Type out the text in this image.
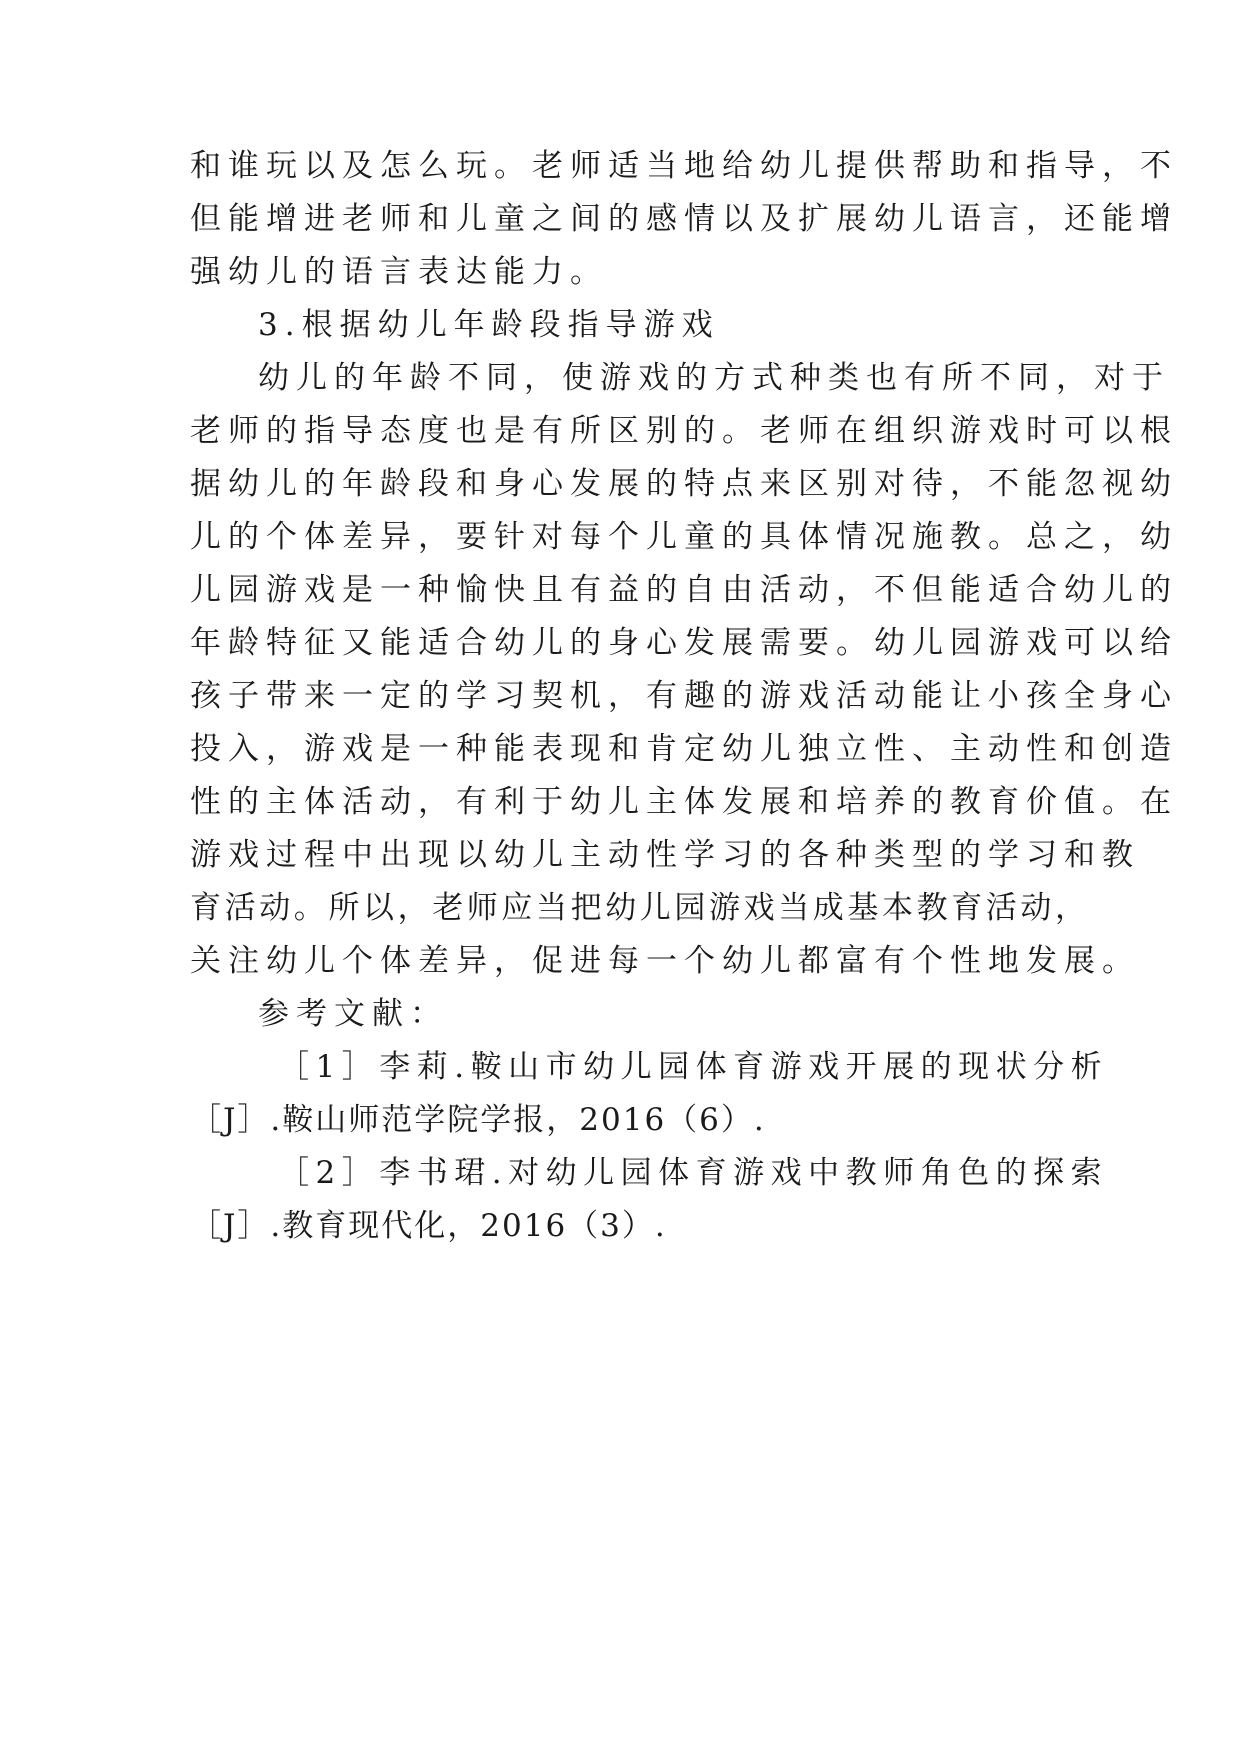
和谁玩以及怎么玩。老师适当地给幼儿提供帮助和指导，不
但能增进老师和儿童之间的感情以及扩展幼儿语言，还能增
强幼儿的语言表达能力。
3.根据幼儿年龄段指导游戏
幼儿的年龄不同，使游戏的方式种类也有所不同，对于
老师的指导态度也是有所区别的。老师在组织游戏时可以根
据幼儿的年龄段和身心发展的特点来区别对待，不能忽视幼
儿的个体差异，要针对每个儿童的具体情况施教。总之，幼
儿园游戏是一种愉快且有益的自由活动，不但能适合幼儿的
年龄特征又能适合幼儿的身心发展需要。幼儿园游戏可以给
孩子带来一定的学习契机，有趣的游戏活动能让小孩全身心
投入，游戏是一种能表现和肯定幼儿独立性、主动性和创造
性的主体活动，有利于幼儿主体发展和培养的教育价值。在
游戏过程中出现以幼儿主动性学习的各种类型的学习和教
育活动。所以，老师应当把幼儿园游戏当成基本教育活动，
关注幼儿个体差异，促进每一个幼儿都富有个性地发展。
参考文献：
［1］李莉.鞍山市幼儿园体育游戏开展的现状分析
［J］.鞍山师范学院学报，2016（6）.
［2］李书珺.对幼儿园体育游戏中教师角色的探索
［J］.教育现代化，2016（3）.
